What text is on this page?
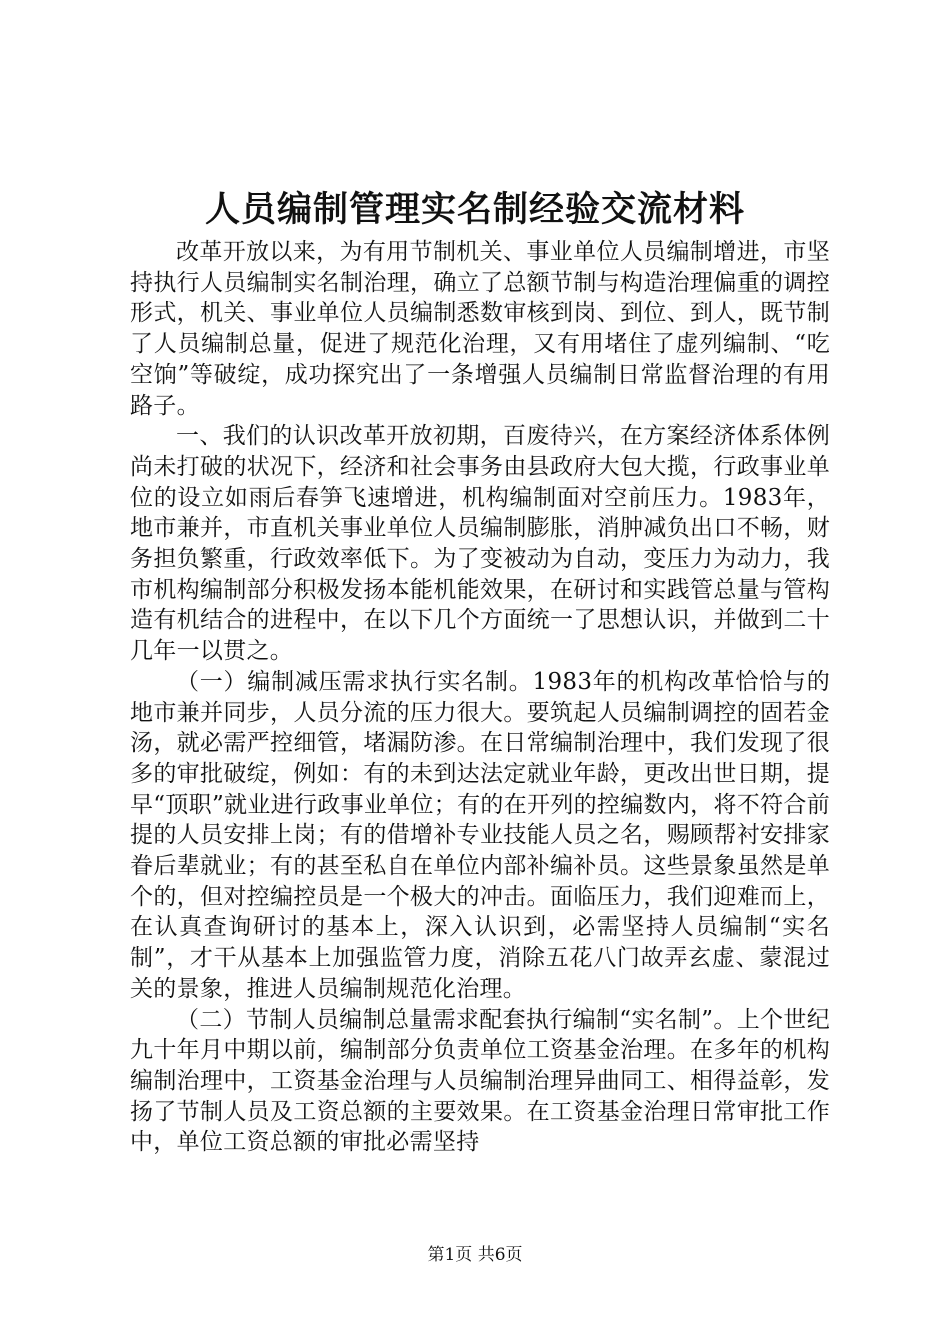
人员编制管理实名制经验交流材料

改革开放以来，为有用节制机关、事业单位人员编制增进，市坚持执行人员编制实名制治理，确立了总额节制与构造治理偏重的调控形式，机关、事业单位人员编制悉数审核到岗、到位、到人，既节制了人员编制总量，促进了规范化治理，又有用堵住了虚列编制、“吃空饷”等破绽，成功探究出了一条增强人员编制日常监督治理的有用路子。

一、我们的认识改革开放初期，百废待兴，在方案经济体系体例尚未打破的状况下，经济和社会事务由县政府大包大揽，行政事业单位的设立如雨后春笋飞速增进，机构编制面对空前压力。1983年，地市兼并，市直机关事业单位人员编制膨胀，消肿减负出口不畅，财务担负繁重，行政效率低下。为了变被动为自动，变压力为动力，我市机构编制部分积极发扬本能机能效果，在研讨和实践管总量与管构造有机结合的进程中，在以下几个方面统一了思想认识，并做到二十几年一以贯之。

（一）编制减压需求执行实名制。1983年的机构改革恰恰与的地市兼并同步，人员分流的压力很大。要筑起人员编制调控的固若金汤，就必需严控细管，堵漏防渗。在日常编制治理中，我们发现了很多的审批破绽，例如：有的未到达法定就业年龄，更改出世日期，提早“顶职”就业进行政事业单位；有的在开列的控编数内，将不符合前提的人员安排上岗；有的借增补专业技能人员之名，赐顾帮衬安排家眷后辈就业；有的甚至私自在单位内部补编补员。这些景象虽然是单个的，但对控编控员是一个极大的冲击。面临压力，我们迎难而上，在认真查询研讨的基本上，深入认识到，必需坚持人员编制“实名制”，才干从基本上加强监管力度，消除五花八门故弄玄虚、蒙混过关的景象，推进人员编制规范化治理。

（二）节制人员编制总量需求配套执行编制“实名制”。上个世纪九十年月中期以前，编制部分负责单位工资基金治理。在多年的机构编制治理中，工资基金治理与人员编制治理异曲同工、相得益彰，发扬了节制人员及工资总额的主要效果。在工资基金治理日常审批工作中，单位工资总额的审批必需坚持

第1页 共6页
